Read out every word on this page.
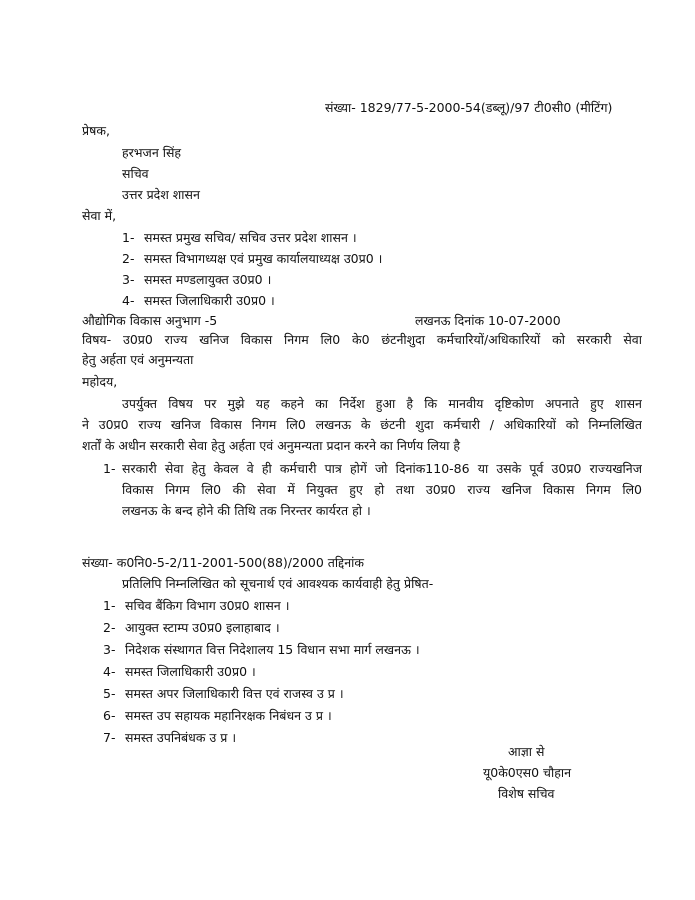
संख्या- 1829/77-5-2000-54(डब्लू)/97 टी0सी0 (मीटिंग)
प्रेषक,
हरभजन सिंह
सचिव
उत्तर प्रदेश शासन
सेवा में,
1- समस्त प्रमुख सचिव/ सचिव उत्तर प्रदेश शासन ।
2- समस्त विभागध्यक्ष एवं प्रमुख कार्यालयाध्यक्ष उ0प्र0 ।
3- समस्त मण्डलायुक्त उ0प्र0 ।
4- समस्त जिलाधिकारी उ0प्र0 ।
औद्योगिक विकास अनुभाग -5	लखनऊ दिनांक 10-07-2000
विषय- उ0प्र0 राज्य खनिज विकास निगम लि0 के0 छंटनीशुदा कर्मचारियों/अधिकारियों को सरकारी सेवा
हेतु अर्हता एवं अनुमन्यता
महोदय,
उपर्युक्त विषय पर मुझे यह कहने का निर्देश हुआ है कि मानवीय दृष्टिकोण अपनाते हुए शासन
ने उ0प्र0 राज्य खनिज विकास निगम लि0 लखनऊ के छंटनी शुदा कर्मचारी / अधिकारियों को निम्नलिखित
शर्तों के अधीन सरकारी सेवा हेतु अर्हता एवं अनुमन्यता प्रदान करने का निर्णय लिया है
1- सरकारी सेवा हेतु केवल वे ही कर्मचारी पात्र होगें जो दिनांक110-86 या उसके पूर्व उ0प्र0 राज्यखनिज
विकास निगम लि0 की सेवा में नियुक्त हुए हो तथा उ0प्र0 राज्य खनिज विकास निगम लि0
लखनऊ के बन्द होने की तिथि तक निरन्तर कार्यरत हो ।
संख्या- क0नि0-5-2/11-2001-500(88)/2000 तद्दिनांक
प्रतिलिपि निम्नलिखित को सूचनार्थ एवं आवश्यक कार्यवाही हेतु प्रेषित-
1- सचिव बैंकिग विभाग उ0प्र0 शासन ।
2- आयुक्त स्टाम्प उ0प्र0 इलाहाबाद ।
3- निदेशक संस्थागत वित्त निदेशालय 15 विधान सभा मार्ग लखनऊ ।
4- समस्त जिलाधिकारी उ0प्र0 ।
5- समस्त अपर जिलाधिकारी वित्त एवं राजस्व उ प्र ।
6- समस्त उप सहायक महानिरक्षक निबंधन उ प्र ।
7- समस्त उपनिबंधक उ प्र ।
आज्ञा से
यू0के0एस0 चौहान
विशेष सचिव
